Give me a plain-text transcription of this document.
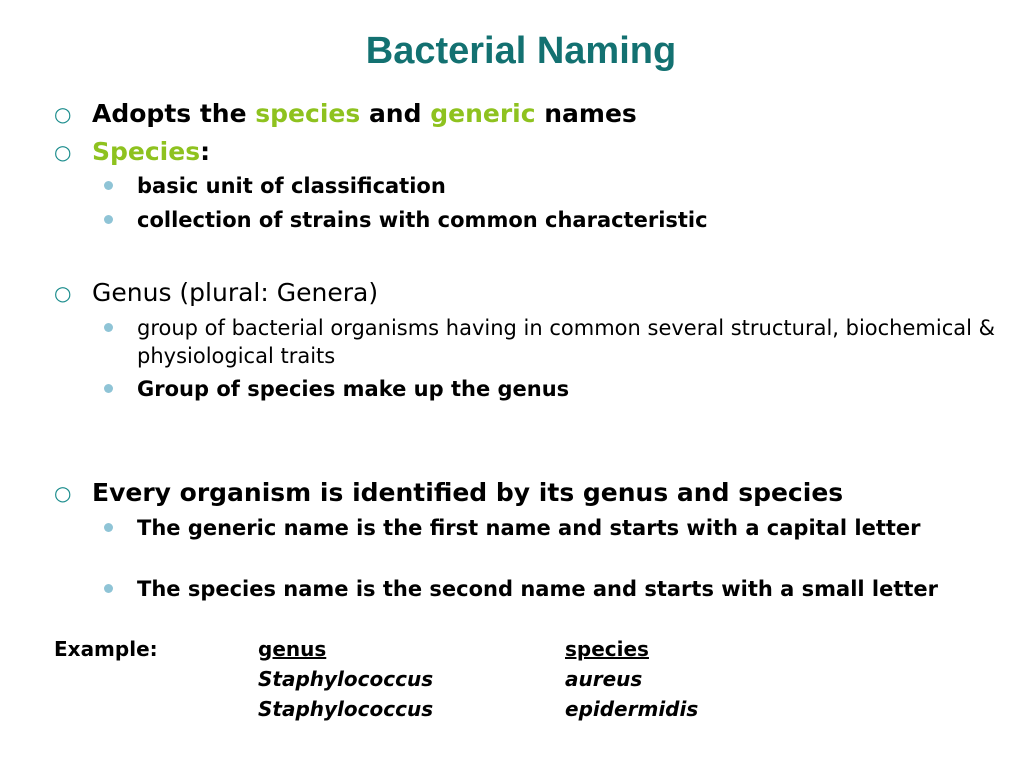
Bacterial Naming
○ Adopts the species and generic names
○ Species:
basic unit of classification
collection of strains with common characteristic
○ Genus (plural: Genera)
group of bacterial organisms having in common several structural, biochemical & physiological traits
Group of species make up the genus
○ Every organism is identified by its genus and species
The generic name is the first name and starts with a capital letter
The species name is the second name and starts with a small letter
Example:	genus	species
Staphylococcus	aureus
Staphylococcus	epidermidis
